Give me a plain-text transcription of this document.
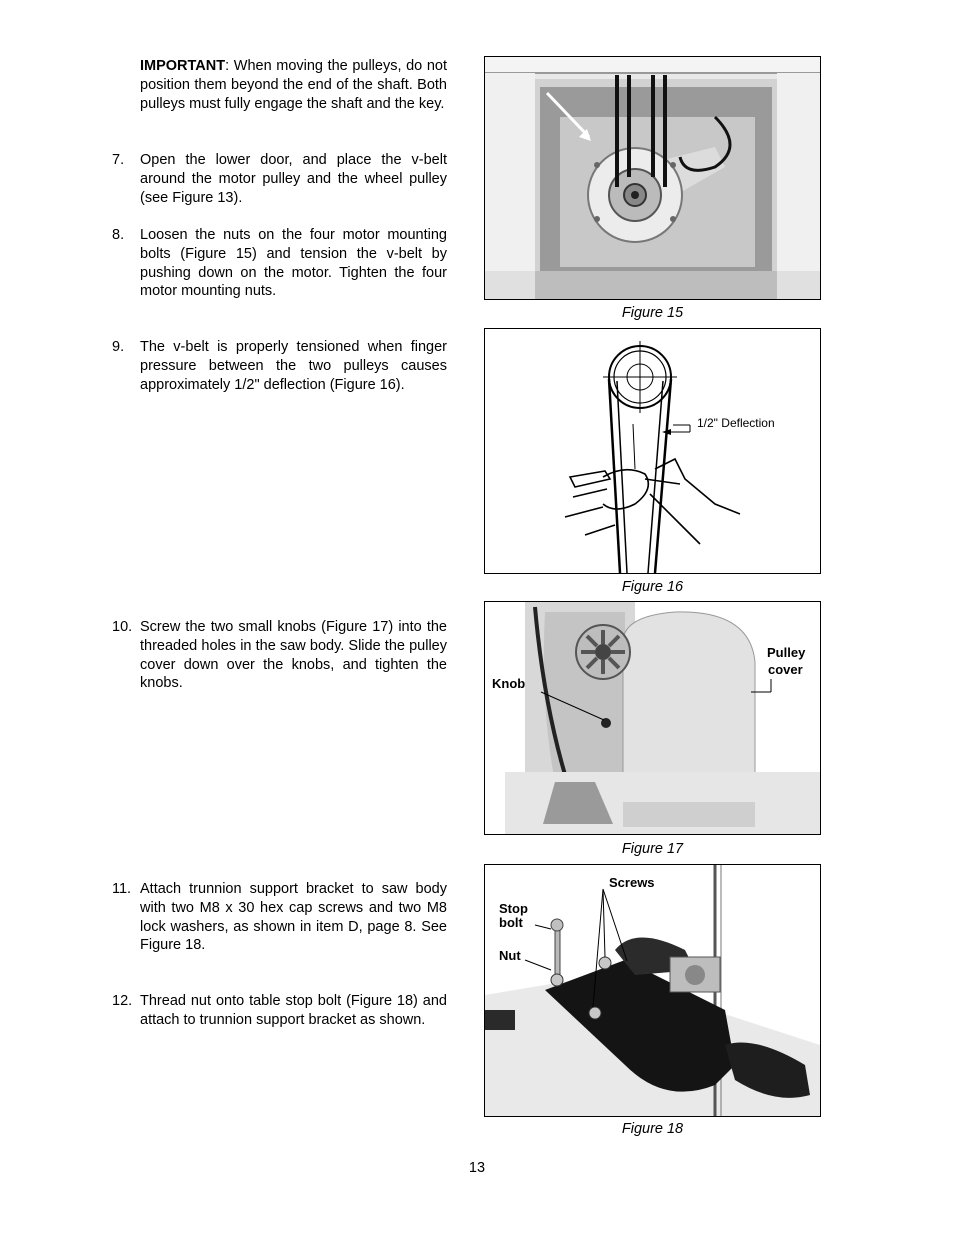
IMPORTANT: When moving the pulleys, do not position them beyond the end of the shaft. Both pulleys must fully engage the shaft and the key.
7. Open the lower door, and place the v-belt around the motor pulley and the wheel pulley (see Figure 13).
8. Loosen the nuts on the four motor mounting bolts (Figure 15) and tension the v-belt by pushing down on the motor. Tighten the four motor mounting nuts.
9. The v-belt is properly tensioned when finger pressure between the two pulleys causes approximately 1/2" deflection (Figure 16).
10. Screw the two small knobs (Figure 17) into the threaded holes in the saw body. Slide the pulley cover down over the knobs, and tighten the knobs.
11. Attach trunnion support bracket to saw body with two M8 x 30 hex cap screws and two M8 lock washers, as shown in item D, page 8. See Figure 18.
12. Thread nut onto table stop bolt (Figure 18) and attach to trunnion support bracket as shown.
Figure 15
1/2" Deflection
Figure 16
Knob
Pulley
cover
Figure 17
Screws
Stop
bolt
Nut
Figure 18
13
